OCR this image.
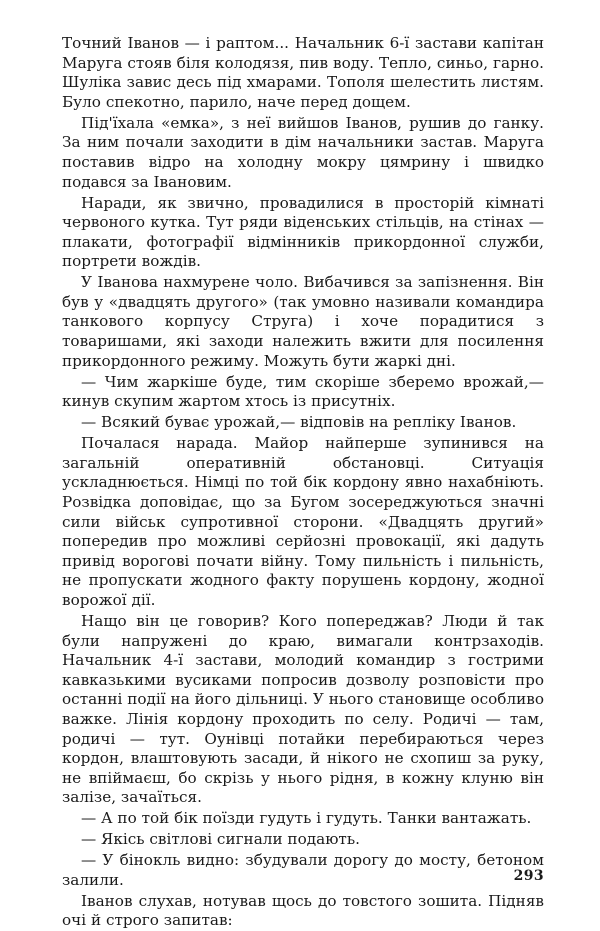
Точний Іванов — і раптом... Начальник 6-ї застави капітан Маруга стояв біля колодязя, пив воду. Тепло, синьо, гарно. Шуліка завис десь під хмарами. Тополя шелестить листям. Було спекотно, парило, наче перед дощем.

Під'їхала «емка», з неї вийшов Іванов, рушив до ганку. За ним почали заходити в дім начальники застав. Маруга поставив відро на холодну мокру цямрину і швидко подався за Івановим.

Наради, як звично, провадилися в просторій кімнаті червоного кутка. Тут ряди віденських стільців, на стінах — плакати, фотографії відмінників прикордонної служби, портрети вождів.

У Іванова нахмурене чоло. Вибачився за запізнення. Він був у «двадцять другого» (так умовно називали командира танкового корпусу Струга) і хоче порадитися з товаришами, які заходи належить вжити для посилення прикордонного режиму. Можуть бути жаркі дні.

— Чим жаркіше буде, тим скоріше зберемо врожай,— кинув скупим жартом хтось із присутніх.

— Всякий буває урожай,— відповів на репліку Іванов.

Почалася нарада. Майор найперше зупинився на загальній оперативній обстановці. Ситуація ускладнюється. Німці по той бік кордону явно нахабніють. Розвідка доповідає, що за Бугом зосереджуються значні сили військ супротивної сторони. «Двадцять другий» попередив про можливі серйозні провокації, які дадуть привід ворогові почати війну. Тому пильність і пильність, не пропускати жодного факту порушень кордону, жодної ворожої дії.

Нащо він це говорив? Кого попереджав? Люди й так були напружені до краю, вимагали контрзаходів. Начальник 4-ї застави, молодий командир з гострими кавказькими вусиками попросив дозволу розповісти про останні події на його дільниці. У нього становище особливо важке. Лінія кордону проходить по селу. Родичі — там, родичі — тут. Оунівці потайки перебираються через кордон, влаштовують засади, й нікого не схопиш за руку, не впіймаєш, бо скрізь у нього рідня, в кожну клуню він залізе, зачаїться.

— А по той бік поїзди гудуть і гудуть. Танки вантажать.

— Якісь світлові сигнали подають.

— У бінокль видно: збудували дорогу до мосту, бетоном залили.

Іванов слухав, нотував щось до товстого зошита. Підняв очі й строго запитав:

293
